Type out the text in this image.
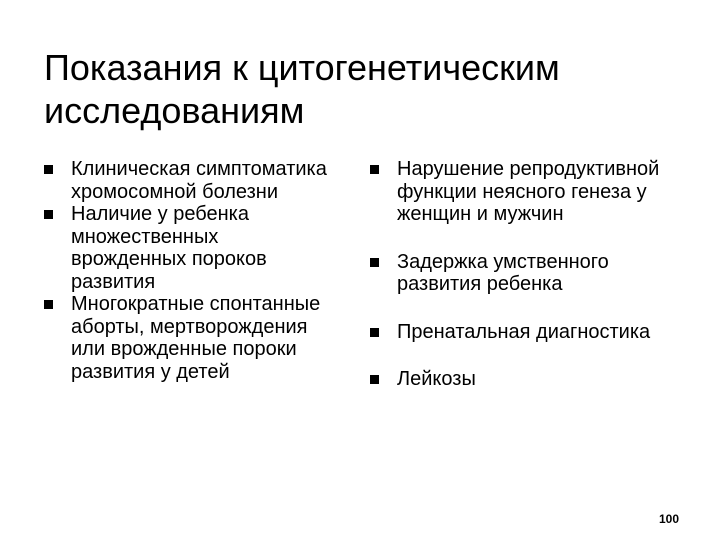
Показания к цитогенетическим исследованиям
Клиническая симптоматика хромосомной болезни
Наличие у ребенка множественных врожденных пороков развития
Многократные спонтанные аборты, мертворождения или врожденные пороки развития у детей
Нарушение репродуктивной функции неясного генеза у женщин и мужчин
Задержка умственного развития ребенка
Пренатальная диагностика
Лейкозы
100
